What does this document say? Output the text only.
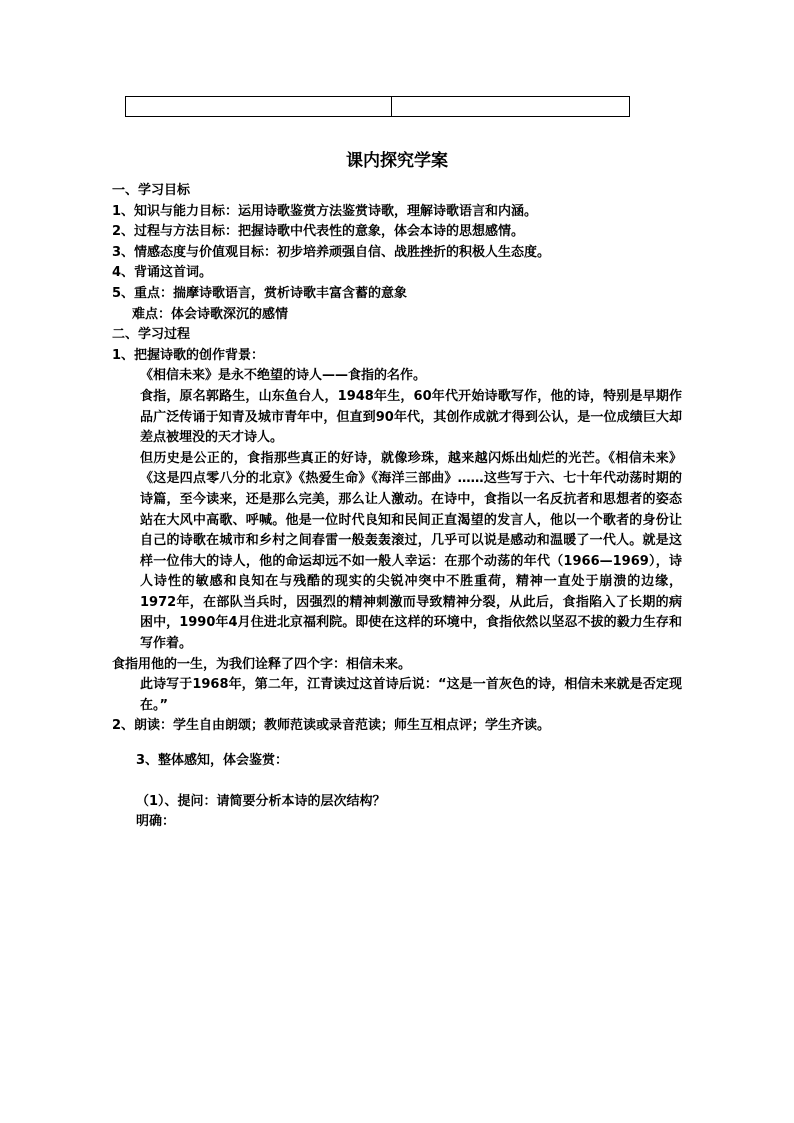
课内探究学案

一、学习目标

1、知识与能力目标：运用诗歌鉴赏方法鉴赏诗歌，理解诗歌语言和内涵。

2、过程与方法目标：把握诗歌中代表性的意象，体会本诗的思想感情。

3、情感态度与价值观目标：初步培养顽强自信、战胜挫折的积极人生态度。

4、背诵这首词。

5、重点：揣摩诗歌语言，赏析诗歌丰富含蓄的意象

难点：体会诗歌深沉的感情

二、学习过程

1、把握诗歌的创作背景：

《相信未来》是永不绝望的诗人——食指的名作。

食指，原名郭路生，山东鱼台人，1948年生，60年代开始诗歌写作，他的诗，特别是早期作品广泛传诵于知青及城市青年中，但直到90年代，其创作成就才得到公认，是一位成绩巨大却差点被埋没的天才诗人。

但历史是公正的，食指那些真正的好诗，就像珍珠，越来越闪烁出灿烂的光芒。《相信未来》《这是四点零八分的北京》《热爱生命》《海洋三部曲》……这些写于六、七十年代动荡时期的诗篇，至今读来，还是那么完美，那么让人激动。在诗中，食指以一名反抗者和思想者的姿态站在大风中高歌、呼喊。他是一位时代良知和民间正直渴望的发言人，他以一个歌者的身份让自己的诗歌在城市和乡村之间春雷一般轰轰滚过，几乎可以说是感动和温暖了一代人。就是这样一位伟大的诗人，他的命运却远不如一般人幸运：在那个动荡的年代（1966—1969），诗人诗性的敏感和良知在与残酷的现实的尖锐冲突中不胜重荷，精神一直处于崩溃的边缘，1972年，在部队当兵时，因强烈的精神刺激而导致精神分裂，从此后，食指陷入了长期的病困中，1990年4月住进北京福利院。即使在这样的环境中，食指依然以坚忍不拔的毅力生存和写作着。

食指用他的一生，为我们诠释了四个字：相信未来。

此诗写于1968年，第二年，江青读过这首诗后说：“这是一首灰色的诗，相信未来就是否定现在。”

2、朗读：学生自由朗颂；教师范读或录音范读；师生互相点评；学生齐读。

3、整体感知，体会鉴赏：

（1）、提问：请简要分析本诗的层次结构？

明确：
